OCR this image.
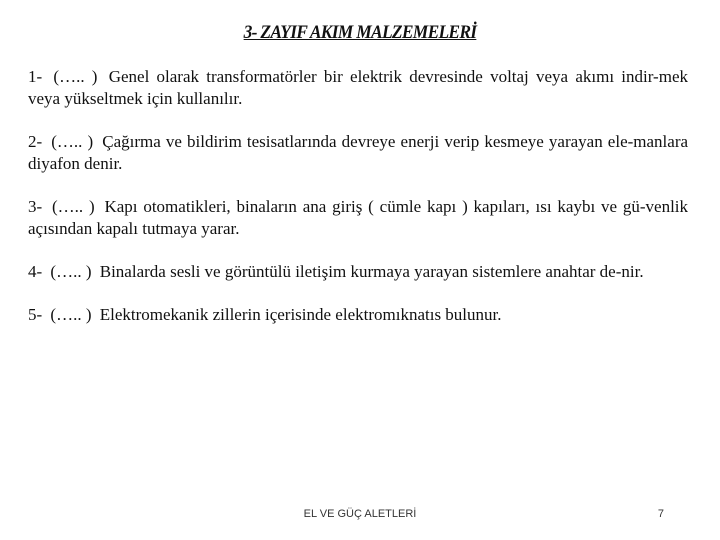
3- ZAYIF AKIM MALZEMELERİ

1- (….. ) Genel olarak transformatörler bir elektrik devresinde voltaj veya akımı indir-mek veya yükseltmek için kullanılır.

2- (….. ) Çağırma ve bildirim tesisatlarında devreye enerji verip kesmeye yarayan ele-manlara diyafon denir.

3- (….. ) Kapı otomatikleri, binaların ana giriş ( cümle kapı ) kapıları, ısı kaybı ve gü-venlik açısından kapalı tutmaya yarar.

4- (….. ) Binalarda sesli ve görüntülü iletişim kurmaya yarayan sistemlere anahtar de-nir.

5- (….. ) Elektromekanik zillerin içerisinde elektromıknatıs bulunur.

EL VE GÜÇ ALETLERİ	7
